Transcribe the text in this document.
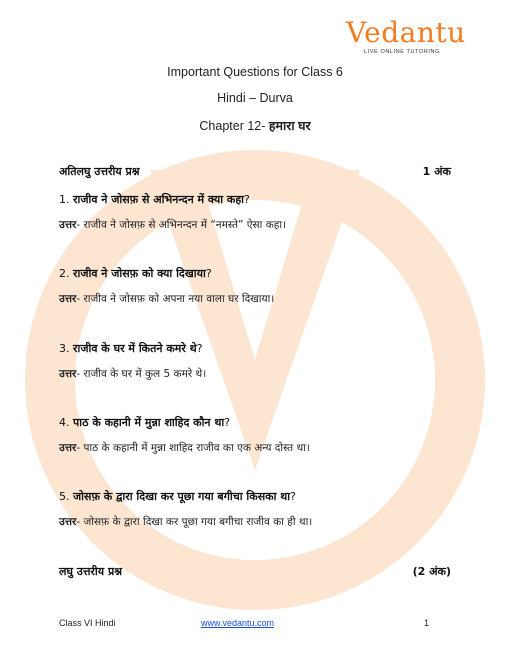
Vedantu
LIVE ONLINE TUTORING
Important Questions for Class 6
Hindi – Durva
Chapter 12- हमारा घर
अतिलघु उत्तरीय प्रश्न	1 अंक
1. राजीव ने जोसफ़ से अभिनन्दन में क्या कहा?
उत्तर- राजीव ने जोसफ़ से अभिनन्दन में “नमस्ते” ऐसा कहा।
2. राजीव ने जोसफ़ को क्या दिखाया?
उत्तर- राजीव ने जोसफ़ को अपना नया वाला घर दिखाया।
3. राजीव के घर में कितने कमरे थे?
उत्तर- राजीव के घर में कुल 5 कमरे थे।
4. पाठ के कहानी में मुन्ना शाहिद कौन था?
उत्तर- पाठ के कहानी में मुन्ना शाहिद राजीव का एक अन्य दोस्त था।
5. जोसफ़ के द्वारा दिखा कर पूछा गया बगीचा किसका था?
उत्तर- जोसफ़ के द्वारा दिखा कर पूछा गया बगीचा राजीव का ही था।
लघु उत्तरीय प्रश्न	(2 अंक)
Class VI Hindi	www.vedantu.com	1
